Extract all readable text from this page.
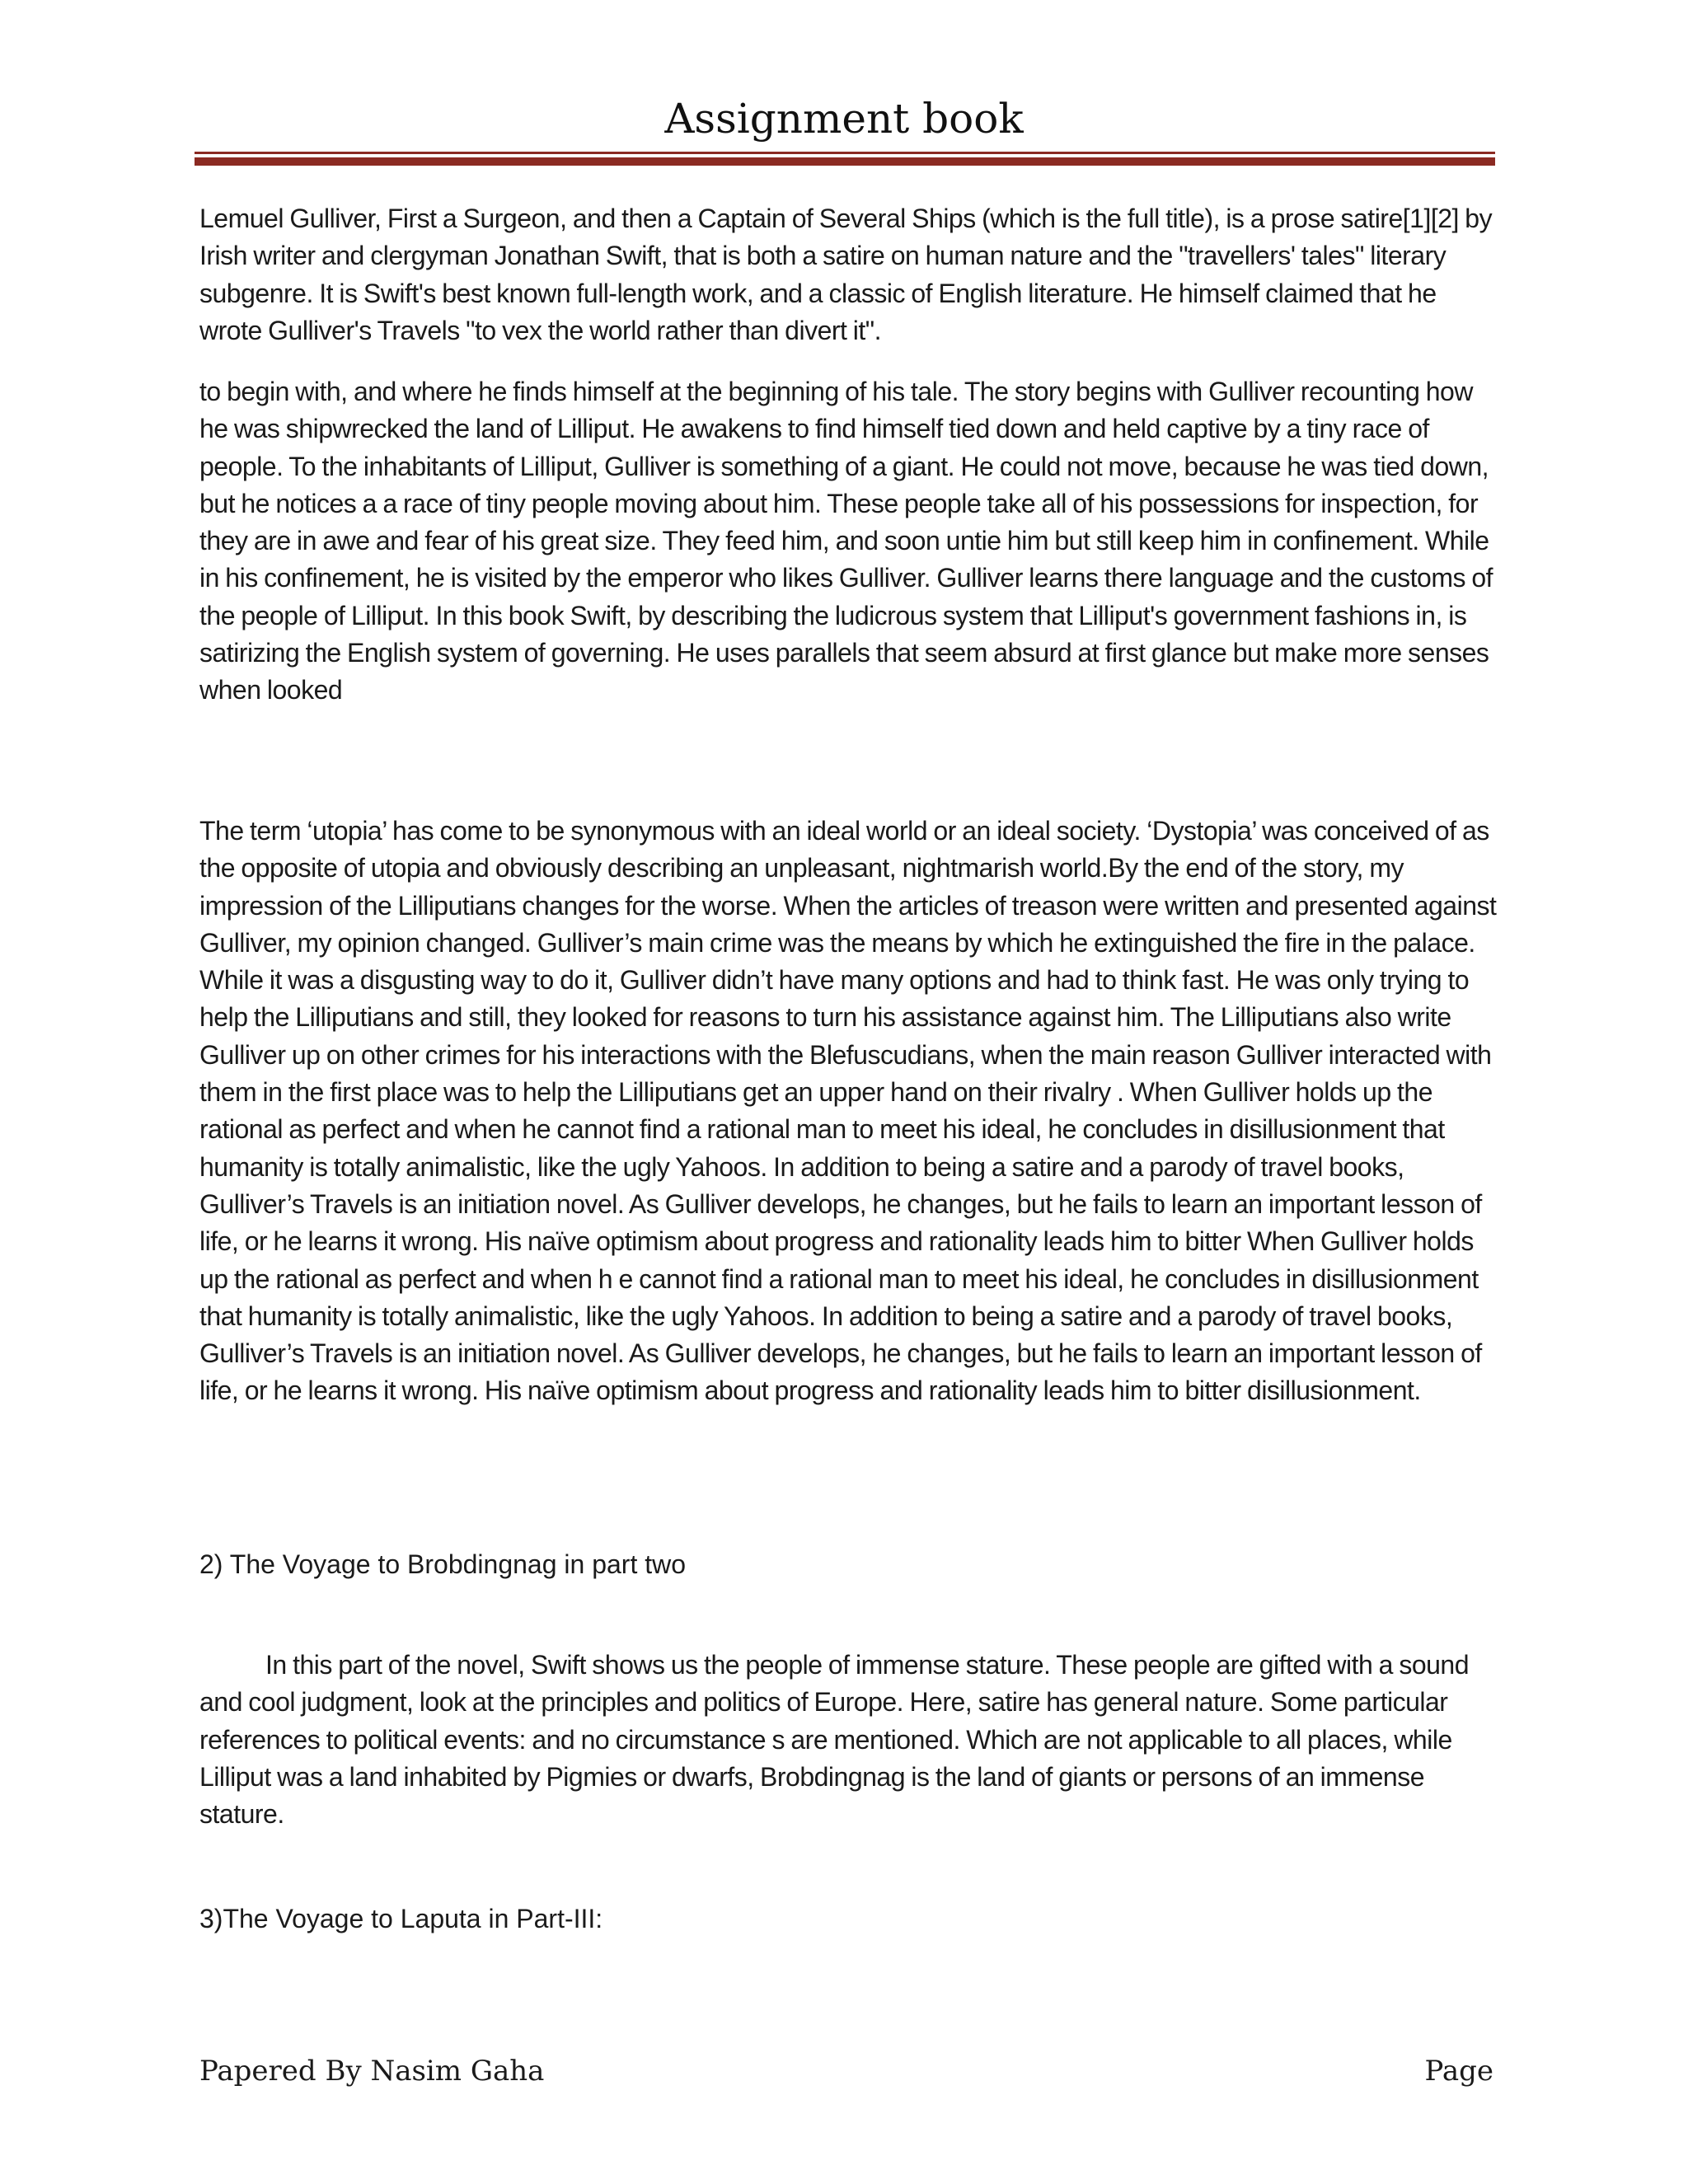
Assignment book

Lemuel Gulliver, First a Surgeon, and then a Captain of Several Ships (which is the full title), is a prose satire[1][2] by Irish writer and clergyman Jonathan Swift, that is both a satire on human nature and the "travellers' tales" literary subgenre. It is Swift's best known full-length work, and a classic of English literature. He himself claimed that he wrote Gulliver's Travels "to vex the world rather than divert it".

to begin with, and where he finds himself at the beginning of his tale. The story begins with Gulliver recounting how he was shipwrecked the land of Lilliput. He awakens to find himself tied down and held captive by a tiny race of people. To the inhabitants of Lilliput, Gulliver is something of a giant. He could not move, because he was tied down, but he notices a a race of tiny people moving about him. These people take all of his possessions for inspection, for they are in awe and fear of his great size. They feed him, and soon untie him but still keep him in confinement. While in his confinement, he is visited by the emperor who likes Gulliver. Gulliver learns there language and the customs of the people of Lilliput. In this book Swift, by describing the ludicrous system that Lilliput's government fashions in, is satirizing the English system of governing. He uses parallels that seem absurd at first glance but make more senses when looked

The term ‘utopia’ has come to be synonymous with an ideal world or an ideal society. ‘Dystopia’ was conceived of as the opposite of utopia and obviously describing an unpleasant, nightmarish world.By the end of the story, my impression of the Lilliputians changes for the worse. When the articles of treason were written and presented against Gulliver, my opinion changed. Gulliver’s main crime was the means by which he extinguished the fire in the palace. While it was a disgusting way to do it, Gulliver didn’t have many options and had to think fast. He was only trying to help the Lilliputians and still, they looked for reasons to turn his assistance against him. The Lilliputians also write Gulliver up on other crimes for his interactions with the Blefuscudians, when the main reason Gulliver interacted with them in the first place was to help the Lilliputians get an upper hand on their rivalry . When Gulliver holds up the rational as perfect and when he cannot find a rational man to meet his ideal, he concludes in disillusionment that humanity is totally animalistic, like the ugly Yahoos. In addition to being a satire and a parody of travel books, Gulliver’s Travels is an initiation novel. As Gulliver develops, he changes, but he fails to learn an important lesson of life, or he learns it wrong. His naïve optimism about progress and rationality leads him to bitter When Gulliver holds up the rational as perfect and when h e cannot find a rational man to meet his ideal, he concludes in disillusionment that humanity is totally animalistic, like the ugly Yahoos. In addition to being a satire and a parody of travel books, Gulliver’s Travels is an initiation novel. As Gulliver develops, he changes, but he fails to learn an important lesson of life, or he learns it wrong. His naïve optimism about progress and rationality leads him to bitter disillusionment.

2) The Voyage to Brobdingnag in part two

In this part of the novel, Swift shows us the people of immense stature. These people are gifted with a sound and cool judgment, look at the principles and politics of Europe. Here, satire has general nature. Some particular references to political events: and no circumstance s are mentioned. Which are not applicable to all places, while Lilliput was a land inhabited by Pigmies or dwarfs, Brobdingnag is the land of giants or persons of an immense stature.

3)The Voyage to Laputa in Part-III:

Papered By Nasim Gaha	Page
